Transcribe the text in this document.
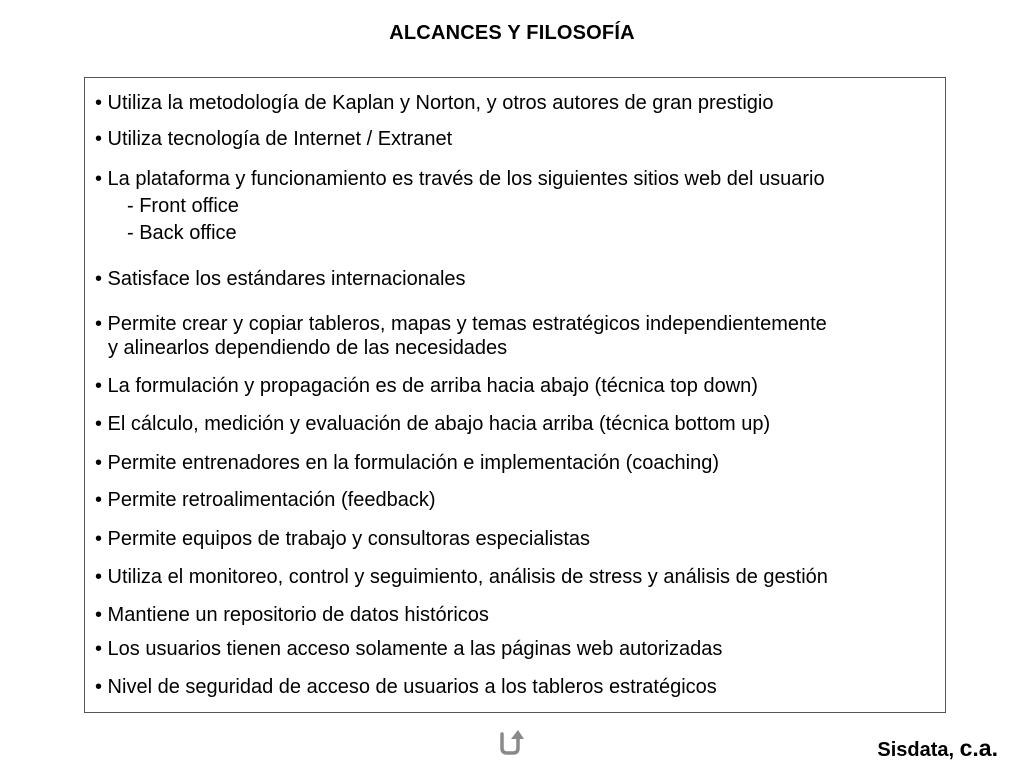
ALCANCES Y FILOSOFÍA
• Utiliza la metodología de Kaplan y Norton, y otros autores de gran prestigio
• Utiliza tecnología de Internet / Extranet
• La plataforma y funcionamiento es través de los siguientes sitios web del usuario
- Front office
- Back office
• Satisface los estándares internacionales
• Permite crear y copiar tableros, mapas y temas estratégicos independientemente
y alinearlos dependiendo de las necesidades
• La formulación y propagación es de arriba hacia abajo (técnica top down)
• El cálculo, medición y evaluación de abajo hacia arriba (técnica bottom up)
• Permite entrenadores en la formulación e implementación (coaching)
• Permite retroalimentación (feedback)
• Permite equipos de trabajo y consultoras especialistas
• Utiliza el monitoreo, control y seguimiento, análisis de stress y análisis de gestión
• Mantiene un repositorio de datos históricos
• Los usuarios tienen acceso solamente a las páginas web autorizadas
• Nivel de seguridad de acceso de usuarios a los tableros estratégicos
Sisdata, c.a.
